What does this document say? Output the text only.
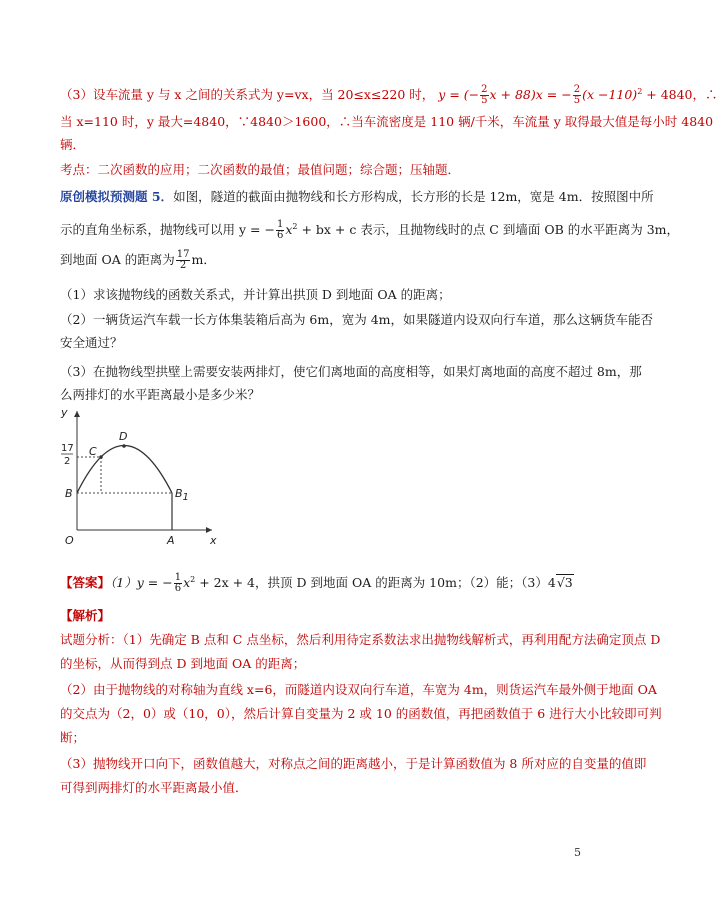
（3）设车流量 y 与 x 之间的关系式为 y=vx，当 20≤x≤220 时， y = (− $\frac{2}{5}$ x + 88)x = − $\frac{2}{5} (x -110)^2 + 4840$，∴
当 x=110 时，y 最大=4840，∵4840＞1600，∴当车流密度是 110 辆/千米，车流量 y 取得最大值是每小时 4840
辆．
考点：二次函数的应用；二次函数的最值；最值问题；综合题；压轴题．
原创模拟预测题 5．如图，隧道的截面由抛物线和长方形构成，长方形的长是 12m，宽是 4m．按照图中所
示的直角坐标系，抛物线可以用 y = − $\frac{1}{6} x^2$ + bx + c 表示，且抛物线时的点 C 到墙面 OB 的水平距离为 3m，
到地面 OA 的距离为 $\frac{17}{2}$ m．
（1）求该抛物线的函数关系式，并计算出拱顶 D 到地面 OA 的距离；
（2）一辆货运汽车载一长方体集装箱后高为 6m，宽为 4m，如果隧道内设双向行车道，那么这辆货车能否
安全通过？
（3）在抛物线型拱壁上需要安装两排灯，使它们离地面的高度相等，如果灯离地面的高度不超过 8m，那
么两排灯的水平距离最小是多少米？
y
x
O	A
B	B1
C
D
17
2
【答案】（1）y = − $\frac{1}{6} x^2 + 2x + 4$，拱顶 D 到地面 OA 的距离为 10m；（2）能；（3）4√3
【解析】
试题分析：（1）先确定 B 点和 C 点坐标，然后利用待定系数法求出抛物线解析式，再利用配方法确定顶点 D
的坐标，从而得到点 D 到地面 OA 的距离；
（2）由于抛物线的对称轴为直线 x=6，而隧道内设双向行车道，车宽为 4m，则货运汽车最外侧于地面 OA
的交点为（2，0）或（10，0），然后计算自变量为 2 或 10 的函数值，再把函数值于 6 进行大小比较即可判
断；
（3）抛物线开口向下，函数值越大，对称点之间的距离越小，于是计算函数值为 8 所对应的自变量的值即
可得到两排灯的水平距离最小值．
5
